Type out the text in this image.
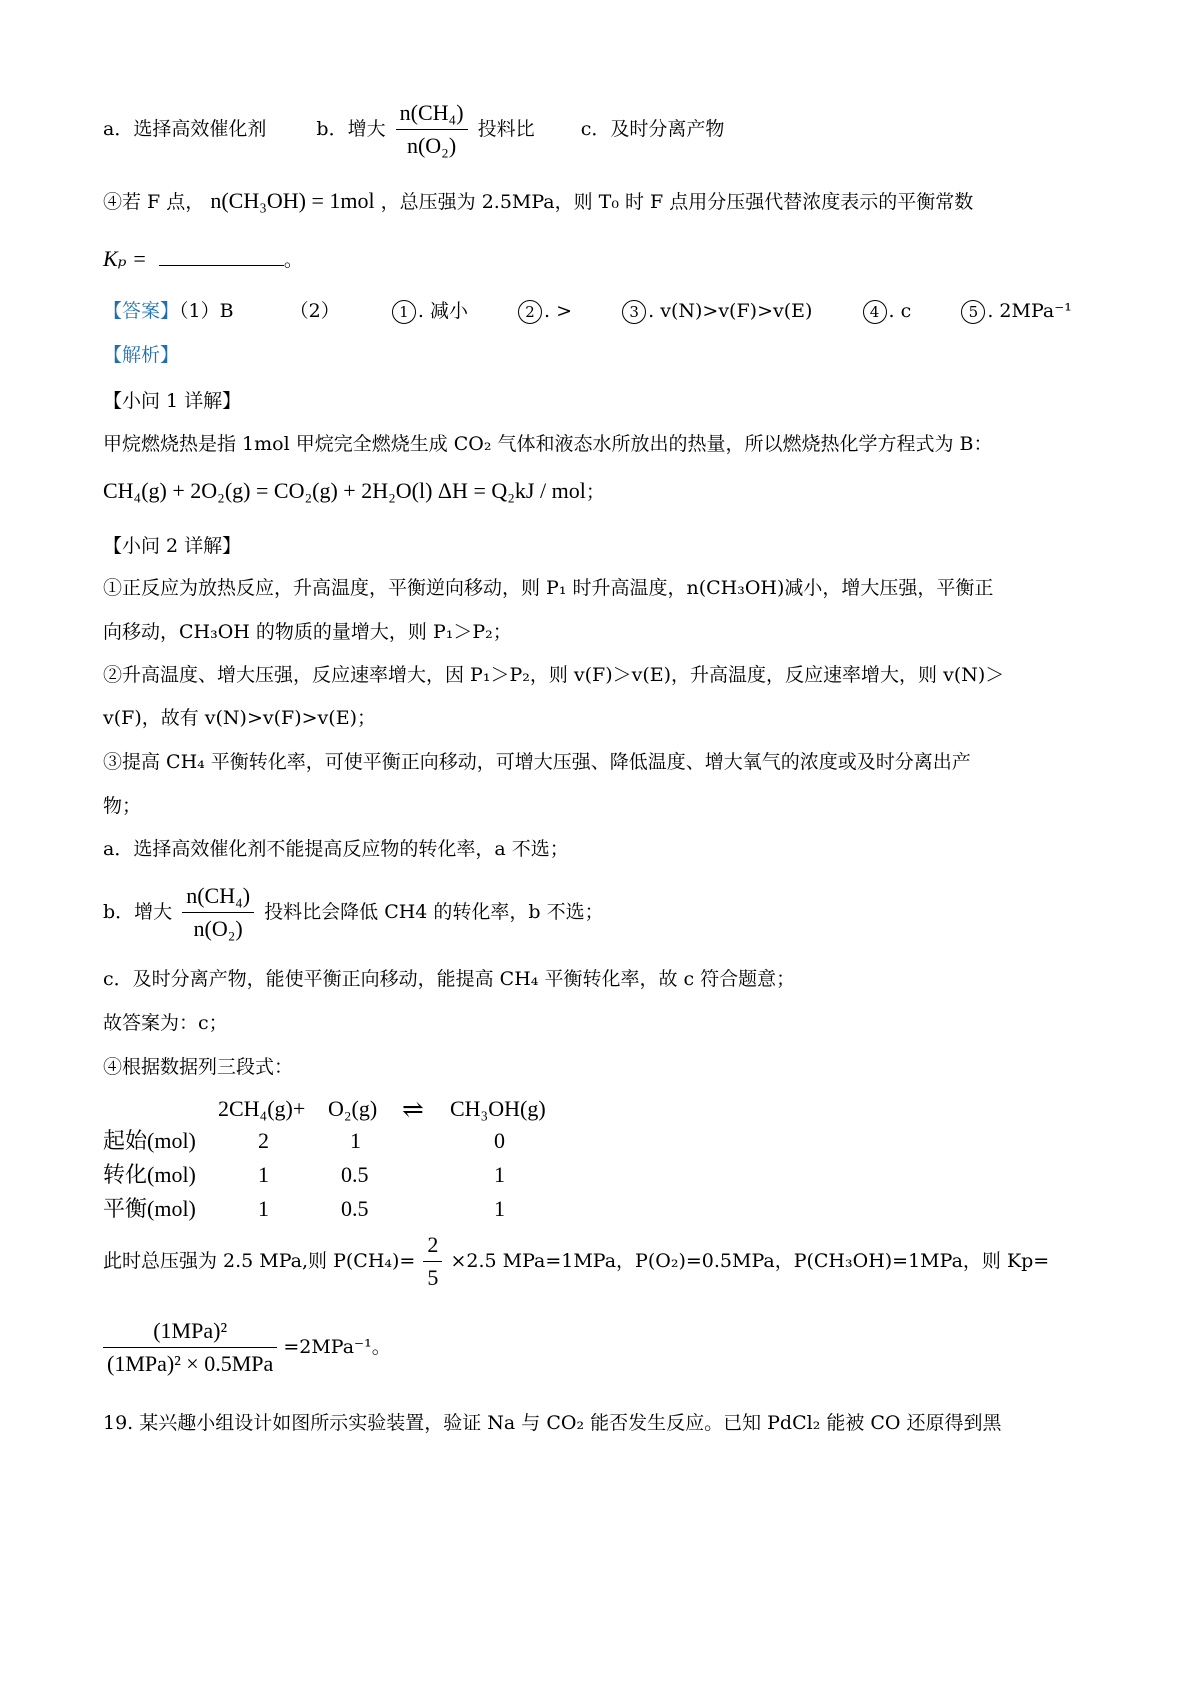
a．选择高效催化剂	b．增大 $\frac{\text{n(CH₄)}}{\text{n(O₂)}}$ 投料比 c．及时分离产物
④若 F 点， n(CH₃OH) = 1mol ，总压强为 2.5MPa，则 T₀ 时 F 点用分压强代替浓度表示的平衡常数
Kₚ =	。
【答案】（1）B	（2）	1 . 减小	2 . >	3 . v(N)>v(F)>v(E)	4 . c	5 . 2MPa⁻¹
【解析】
【小问 1 详解】
甲烷燃烧热是指 1mol 甲烷完全燃烧生成 CO₂ 气体和液态水所放出的热量，所以燃烧热化学方程式为 B：
CH₄(g) + 2O₂(g) = CO₂(g) + 2H₂O(l) ΔH = Q₂kJ / mol；
【小问 2 详解】
①正反应为放热反应，升高温度，平衡逆向移动，则 P₁ 时升高温度，n(CH₃OH)减小，增大压强，平衡正
向移动，CH₃OH 的物质的量增大，则 P₁＞P₂；
②升高温度、增大压强，反应速率增大，因 P₁＞P₂，则 v(F)＞v(E)，升高温度，反应速率增大，则 v(N)＞
v(F)，故有 v(N)>v(F)>v(E)；
③提高 CH₄ 平衡转化率，可使平衡正向移动，可增大压强、降低温度、增大氧气的浓度或及时分离出产
物；
a．选择高效催化剂不能提高反应物的转化率，a 不选；
b．增大 $\frac{\text{n(CH₄)}}{\text{n(O₂)}}$ 投料比会降低 CH4 的转化率，b 不选；
c．及时分离产物，能使平衡正向移动，能提高 CH₄ 平衡转化率，故 c 符合题意；
故答案为：c；
④根据数据列三段式：
2CH₄(g)+ O₂(g) ⇌ CH₃OH(g)
起始(mol)	2	1	0
转化(mol)	1	0.5	1
平衡(mol)	1	0.5	1
此时总压强为 2.5 MPa,则 $P(CH_4)= \frac{2}{5} \times 2.5$ MPa=1MPa，P(O₂)=0.5MPa，P(CH₃OH)=1MPa，则 Kp=
$\frac{\text{(1MPa)²}}{\text{(1MPa)² × 0.5MPa}} =2MPa^{-1}$。
19. 某兴趣小组设计如图所示实验装置，验证 Na 与 CO₂ 能否发生反应。已知 PdCl₂ 能被 CO 还原得到黑
